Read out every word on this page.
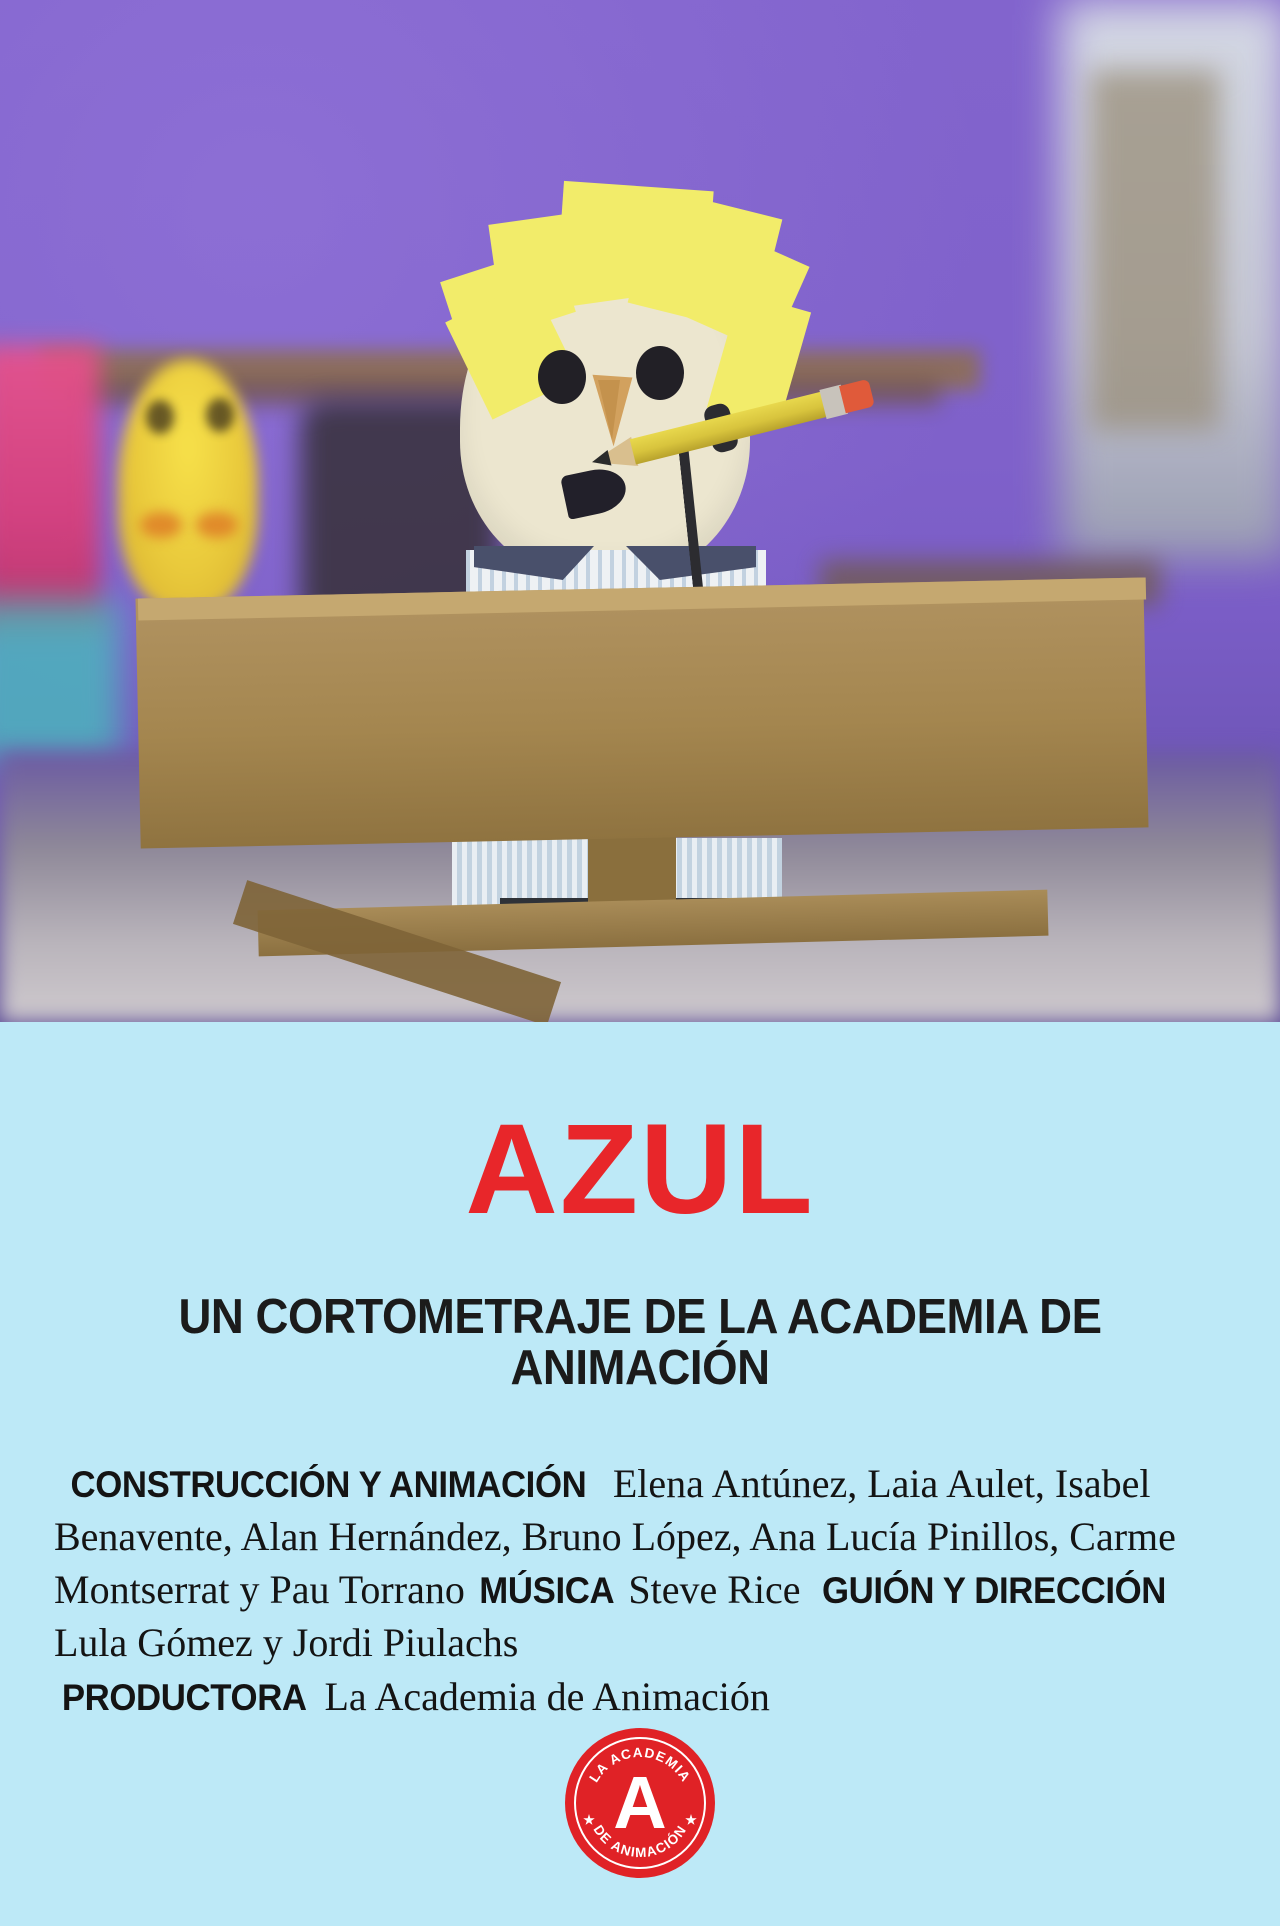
AZUL
UN CORTOMETRAJE DE LA ACADEMIA DE ANIMACIÓN

CONSTRUCCIÓN Y ANIMACIÓN Elena Antúnez, Laia Aulet, Isabel Benavente, Alan Hernández, Bruno López, Ana Lucía Pinillos, Carme Montserrat y Pau Torrano MÚSICA Steve Rice GUIÓN Y DIRECCIÓN Lula Gómez y Jordi Piulachs
PRODUCTORA La Academia de Animación

LA ACADEMIA
DE ANIMACIÓN
A
